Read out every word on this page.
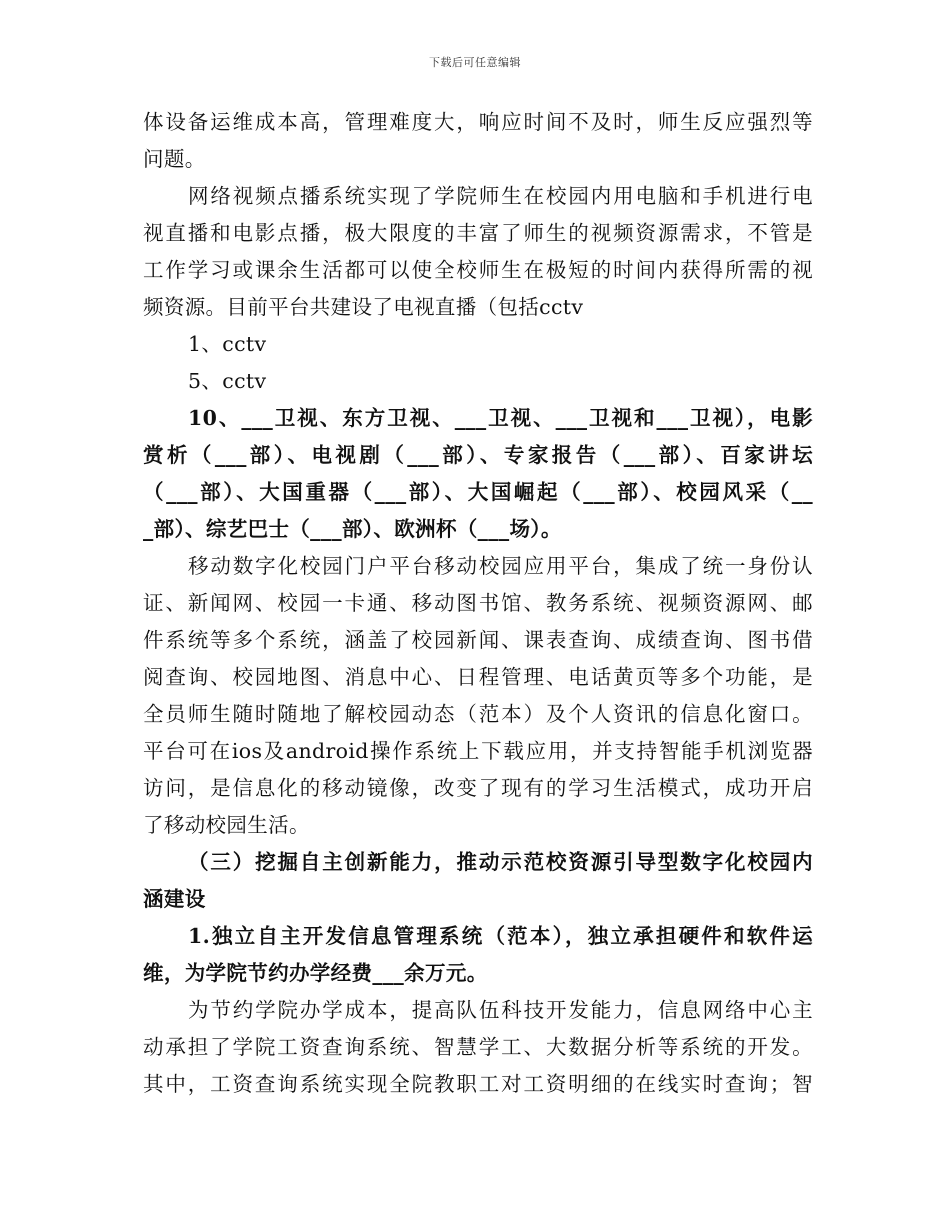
下载后可任意编辑
体设备运维成本高，管理难度大，响应时间不及时，师生反应强烈等
问题。
网络视频点播系统实现了学院师生在校园内用电脑和手机进行电
视直播和电影点播，极大限度的丰富了师生的视频资源需求，不管是
工作学习或课余生活都可以使全校师生在极短的时间内获得所需的视
频资源。目前平台共建设了电视直播（包括cctv
1、cctv
5、cctv
10、___卫视、东方卫视、___卫视、___卫视和___卫视），电影
赏析（___部）、电视剧（___部）、专家报告（___部）、百家讲坛
（___部）、大国重器（___部）、大国崛起（___部）、校园风采（__
_部）、综艺巴士（___部）、欧洲杯（___场）。
移动数字化校园门户平台移动校园应用平台，集成了统一身份认
证、新闻网、校园一卡通、移动图书馆、教务系统、视频资源网、邮
件系统等多个系统，涵盖了校园新闻、课表查询、成绩查询、图书借
阅查询、校园地图、消息中心、日程管理、电话黄页等多个功能，是
全员师生随时随地了解校园动态（范本）及个人资讯的信息化窗口。
平台可在ios及android操作系统上下载应用，并支持智能手机浏览器
访问，是信息化的移动镜像，改变了现有的学习生活模式，成功开启
了移动校园生活。
（三）挖掘自主创新能力，推动示范校资源引导型数字化校园内
涵建设
1.独立自主开发信息管理系统（范本），独立承担硬件和软件运
维，为学院节约办学经费___余万元。
为节约学院办学成本，提高队伍科技开发能力，信息网络中心主
动承担了学院工资查询系统、智慧学工、大数据分析等系统的开发。
其中，工资查询系统实现全院教职工对工资明细的在线实时查询；智
